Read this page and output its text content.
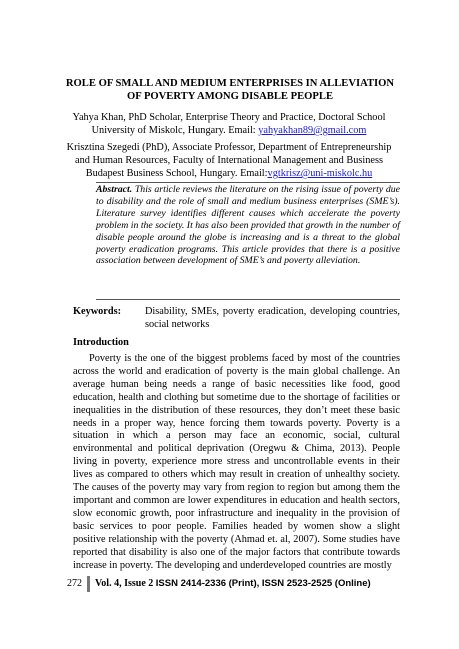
ROLE OF SMALL AND MEDIUM ENTERPRISES IN ALLEVIATION OF POVERTY AMONG DISABLE PEOPLE
Yahya Khan, PhD Scholar, Enterprise Theory and Practice, Doctoral School University of Miskolc, Hungary. Email: yahyakhan89@gmail.com
Krisztina Szegedi (PhD), Associate Professor, Department of Entrepreneurship and Human Resources, Faculty of International Management and Business Budapest Business School, Hungary. Email:vgtkrisz@uni-miskolc.hu
Abstract. This article reviews the literature on the rising issue of poverty due to disability and the role of small and medium business enterprises (SME’s). Literature survey identifies different causes which accelerate the poverty problem in the society. It has also been provided that growth in the number of disable people around the globe is increasing and is a threat to the global poverty eradication programs. This article provides that there is a positive association between development of SME’s and poverty alleviation.
Keywords: Disability, SMEs, poverty eradication, developing countries, social networks
Introduction

Poverty is the one of the biggest problems faced by most of the countries across the world and eradication of poverty is the main global challenge. An average human being needs a range of basic necessities like food, good education, health and clothing but sometime due to the shortage of facilities or inequalities in the distribution of these resources, they don’t meet these basic needs in a proper way, hence forcing them towards poverty. Poverty is a situation in which a person may face an economic, social, cultural environmental and political deprivation (Oregwu & Chima, 2013). People living in poverty, experience more stress and uncontrollable events in their lives as compared to others which may result in creation of unhealthy society. The causes of the poverty may vary from region to region but among them the important and common are lower expenditures in education and health sectors, slow economic growth, poor infrastructure and inequality in the provision of basic services to poor people. Families headed by women show a slight positive relationship with the poverty (Ahmad et. al, 2007). Some studies have reported that disability is also one of the major factors that contribute towards increase in poverty. The developing and underdeveloped countries are mostly

272 Vol. 4, Issue 2 ISSN 2414-2336 (Print), ISSN 2523-2525 (Online)
